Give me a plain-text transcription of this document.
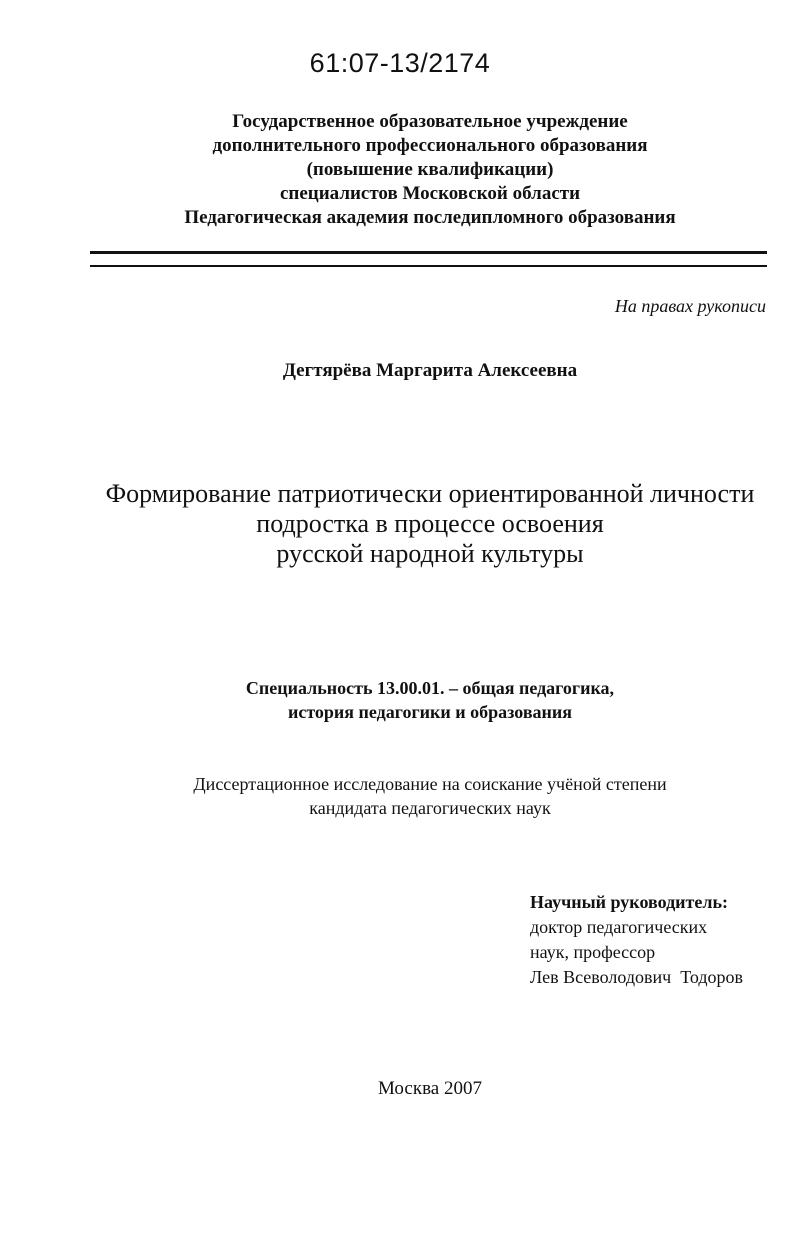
61:07-13/2174
Государственное образовательное учреждение
дополнительного профессионального образования
(повышение квалификации)
специалистов Московской области
Педагогическая академия последипломного образования
На правах рукописи
Дегтярёва Маргарита Алексеевна
Формирование патриотически ориентированной личности
подростка в процессе освоения
русской народной культуры
Специальность 13.00.01. – общая педагогика,
история педагогики и образования
Диссертационное исследование на соискание учёной степени
кандидата педагогических наук
Научный руководитель:
доктор педагогических
наук, профессор
Лев Всеволодович  Тодоров
Москва 2007
